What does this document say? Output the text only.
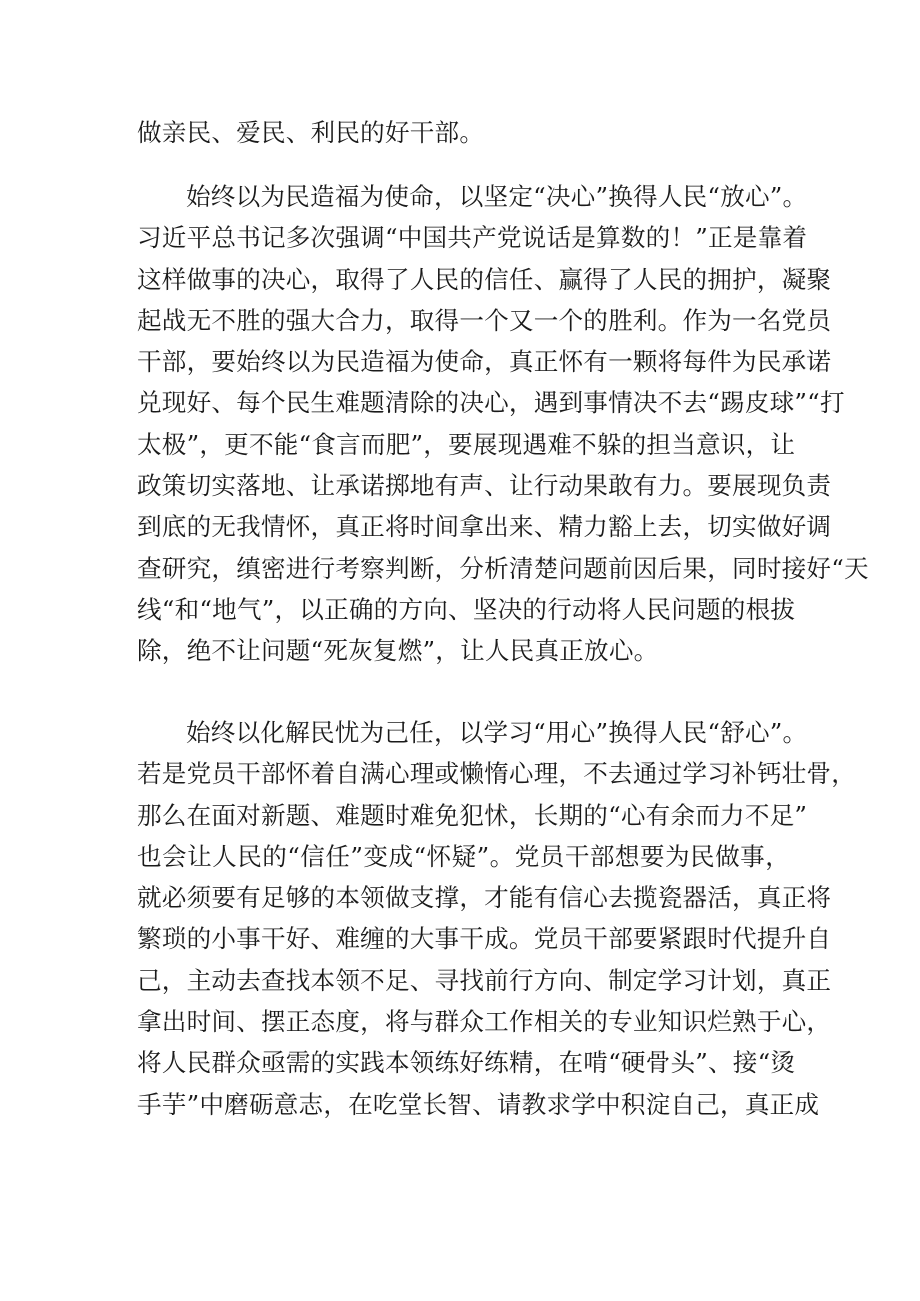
做亲民、爱民、利民的好干部。
始终以为民造福为使命，以坚定“决心”换得人民“放心”。
习近平总书记多次强调“中国共产党说话是算数的！”正是靠着
这样做事的决心，取得了人民的信任、赢得了人民的拥护，凝聚
起战无不胜的强大合力，取得一个又一个的胜利。作为一名党员
干部，要始终以为民造福为使命，真正怀有一颗将每件为民承诺
兑现好、每个民生难题清除的决心，遇到事情决不去“踢皮球”“打
太极”，更不能“食言而肥”，要展现遇难不躲的担当意识，让
政策切实落地、让承诺掷地有声、让行动果敢有力。要展现负责
到底的无我情怀，真正将时间拿出来、精力豁上去，切实做好调
查研究，缜密进行考察判断，分析清楚问题前因后果，同时接好“天
线“和“地气”，以正确的方向、坚决的行动将人民问题的根拔
除，绝不让问题“死灰复燃”，让人民真正放心。
始终以化解民忧为己任，以学习“用心”换得人民“舒心”。
若是党员干部怀着自满心理或懒惰心理，不去通过学习补钙壮骨，
那么在面对新题、难题时难免犯怵，长期的“心有余而力不足”
也会让人民的“信任”变成“怀疑”。党员干部想要为民做事，
就必须要有足够的本领做支撑，才能有信心去揽瓷器活，真正将
繁琐的小事干好、难缠的大事干成。党员干部要紧跟时代提升自
己，主动去查找本领不足、寻找前行方向、制定学习计划，真正
拿出时间、摆正态度，将与群众工作相关的专业知识烂熟于心，
将人民群众亟需的实践本领练好练精，在啃“硬骨头”、接“烫
手芋”中磨砺意志，在吃堂长智、请教求学中积淀自己，真正成
